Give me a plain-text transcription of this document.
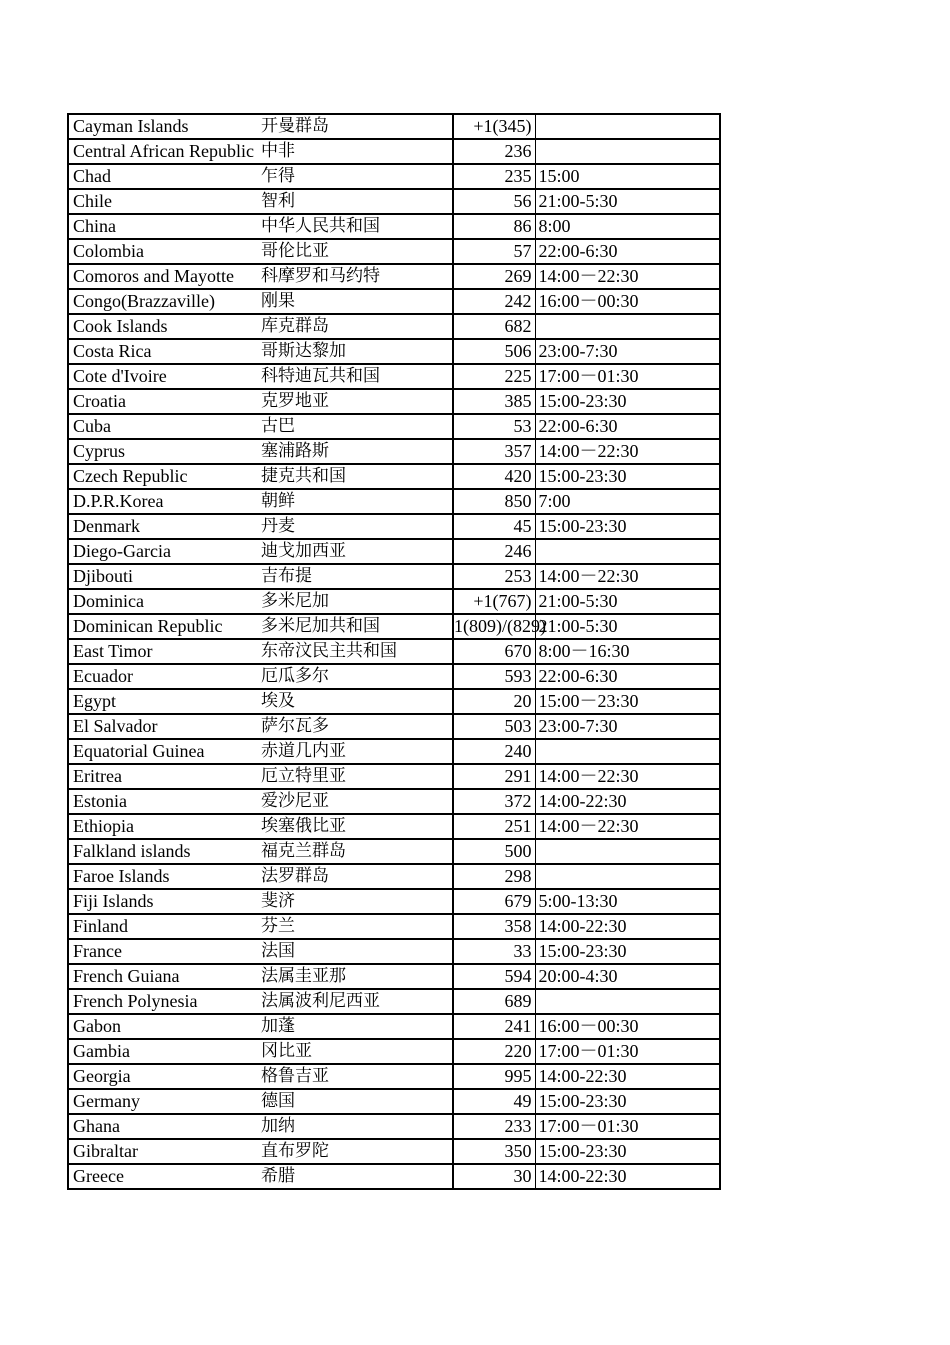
Cayman Islands	开曼群岛	+1(345)	
Central African Republic	中非	236	
Chad	乍得	235	15:00
Chile	智利	56	21:00-5:30
China	中华人民共和国	86	8:00
Colombia	哥伦比亚	57	22:00-6:30
Comoros and Mayotte	科摩罗和马约特	269	14:00－22:30
Congo(Brazzaville)	刚果	242	16:00－00:30
Cook Islands	库克群岛	682	
Costa Rica	哥斯达黎加	506	23:00-7:30
Cote d'Ivoire	科特迪瓦共和国	225	17:00－01:30
Croatia	克罗地亚	385	15:00-23:30
Cuba	古巴	53	22:00-6:30
Cyprus	塞浦路斯	357	14:00－22:30
Czech Republic	捷克共和国	420	15:00-23:30
D.P.R.Korea	朝鲜	850	7:00
Denmark	丹麦	45	15:00-23:30
Diego-Garcia	迪戈加西亚	246	
Djibouti	吉布提	253	14:00－22:30
Dominica	多米尼加	+1(767)	21:00-5:30
Dominican Republic	多米尼加共和国	1(809)/(829)	21:00-5:30
East Timor	东帝汶民主共和国	670	8:00－16:30
Ecuador	厄瓜多尔	593	22:00-6:30
Egypt	埃及	20	15:00－23:30
El Salvador	萨尔瓦多	503	23:00-7:30
Equatorial Guinea	赤道几内亚	240	
Eritrea	厄立特里亚	291	14:00－22:30
Estonia	爱沙尼亚	372	14:00-22:30
Ethiopia	埃塞俄比亚	251	14:00－22:30
Falkland islands	福克兰群岛	500	
Faroe Islands	法罗群岛	298	
Fiji Islands	斐济	679	5:00-13:30
Finland	芬兰	358	14:00-22:30
France	法国	33	15:00-23:30
French Guiana	法属圭亚那	594	20:00-4:30
French Polynesia	法属波利尼西亚	689	
Gabon	加蓬	241	16:00－00:30
Gambia	冈比亚	220	17:00－01:30
Georgia	格鲁吉亚	995	14:00-22:30
Germany	德国	49	15:00-23:30
Ghana	加纳	233	17:00－01:30
Gibraltar	直布罗陀	350	15:00-23:30
Greece	希腊	30	14:00-22:30
